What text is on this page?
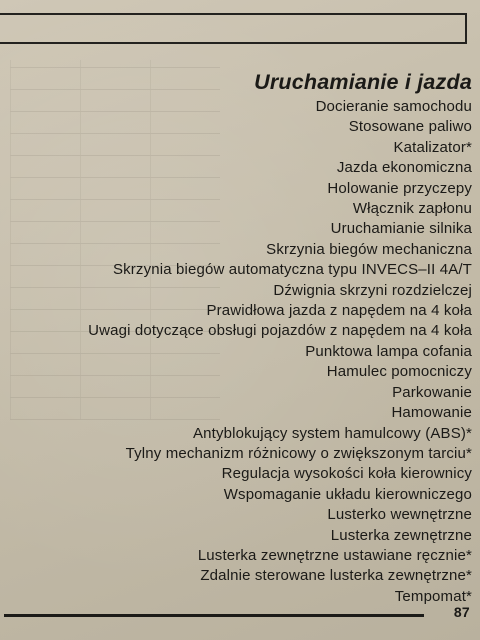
Uruchamianie i jazda
Docieranie samochodu
Stosowane paliwo
Katalizator*
Jazda ekonomiczna
Holowanie przyczepy
Włącznik zapłonu
Uruchamianie silnika
Skrzynia biegów mechaniczna
Skrzynia biegów automatyczna typu INVECS–II 4A/T
Dźwignia skrzyni rozdzielczej
Prawidłowa jazda z napędem na 4 koła
Uwagi dotyczące obsługi pojazdów z napędem na 4 koła
Punktowa lampa cofania
Hamulec pomocniczy
Parkowanie
Hamowanie
Antyblokujący system hamulcowy (ABS)*
Tylny mechanizm różnicowy o zwiększonym tarciu*
Regulacja wysokości koła kierownicy
Wspomaganie układu kierowniczego
Lusterko wewnętrzne
Lusterka zewnętrzne
Lusterka zewnętrzne ustawiane ręcznie*
Zdalnie sterowane lusterka zewnętrzne*
Tempomat*
87
